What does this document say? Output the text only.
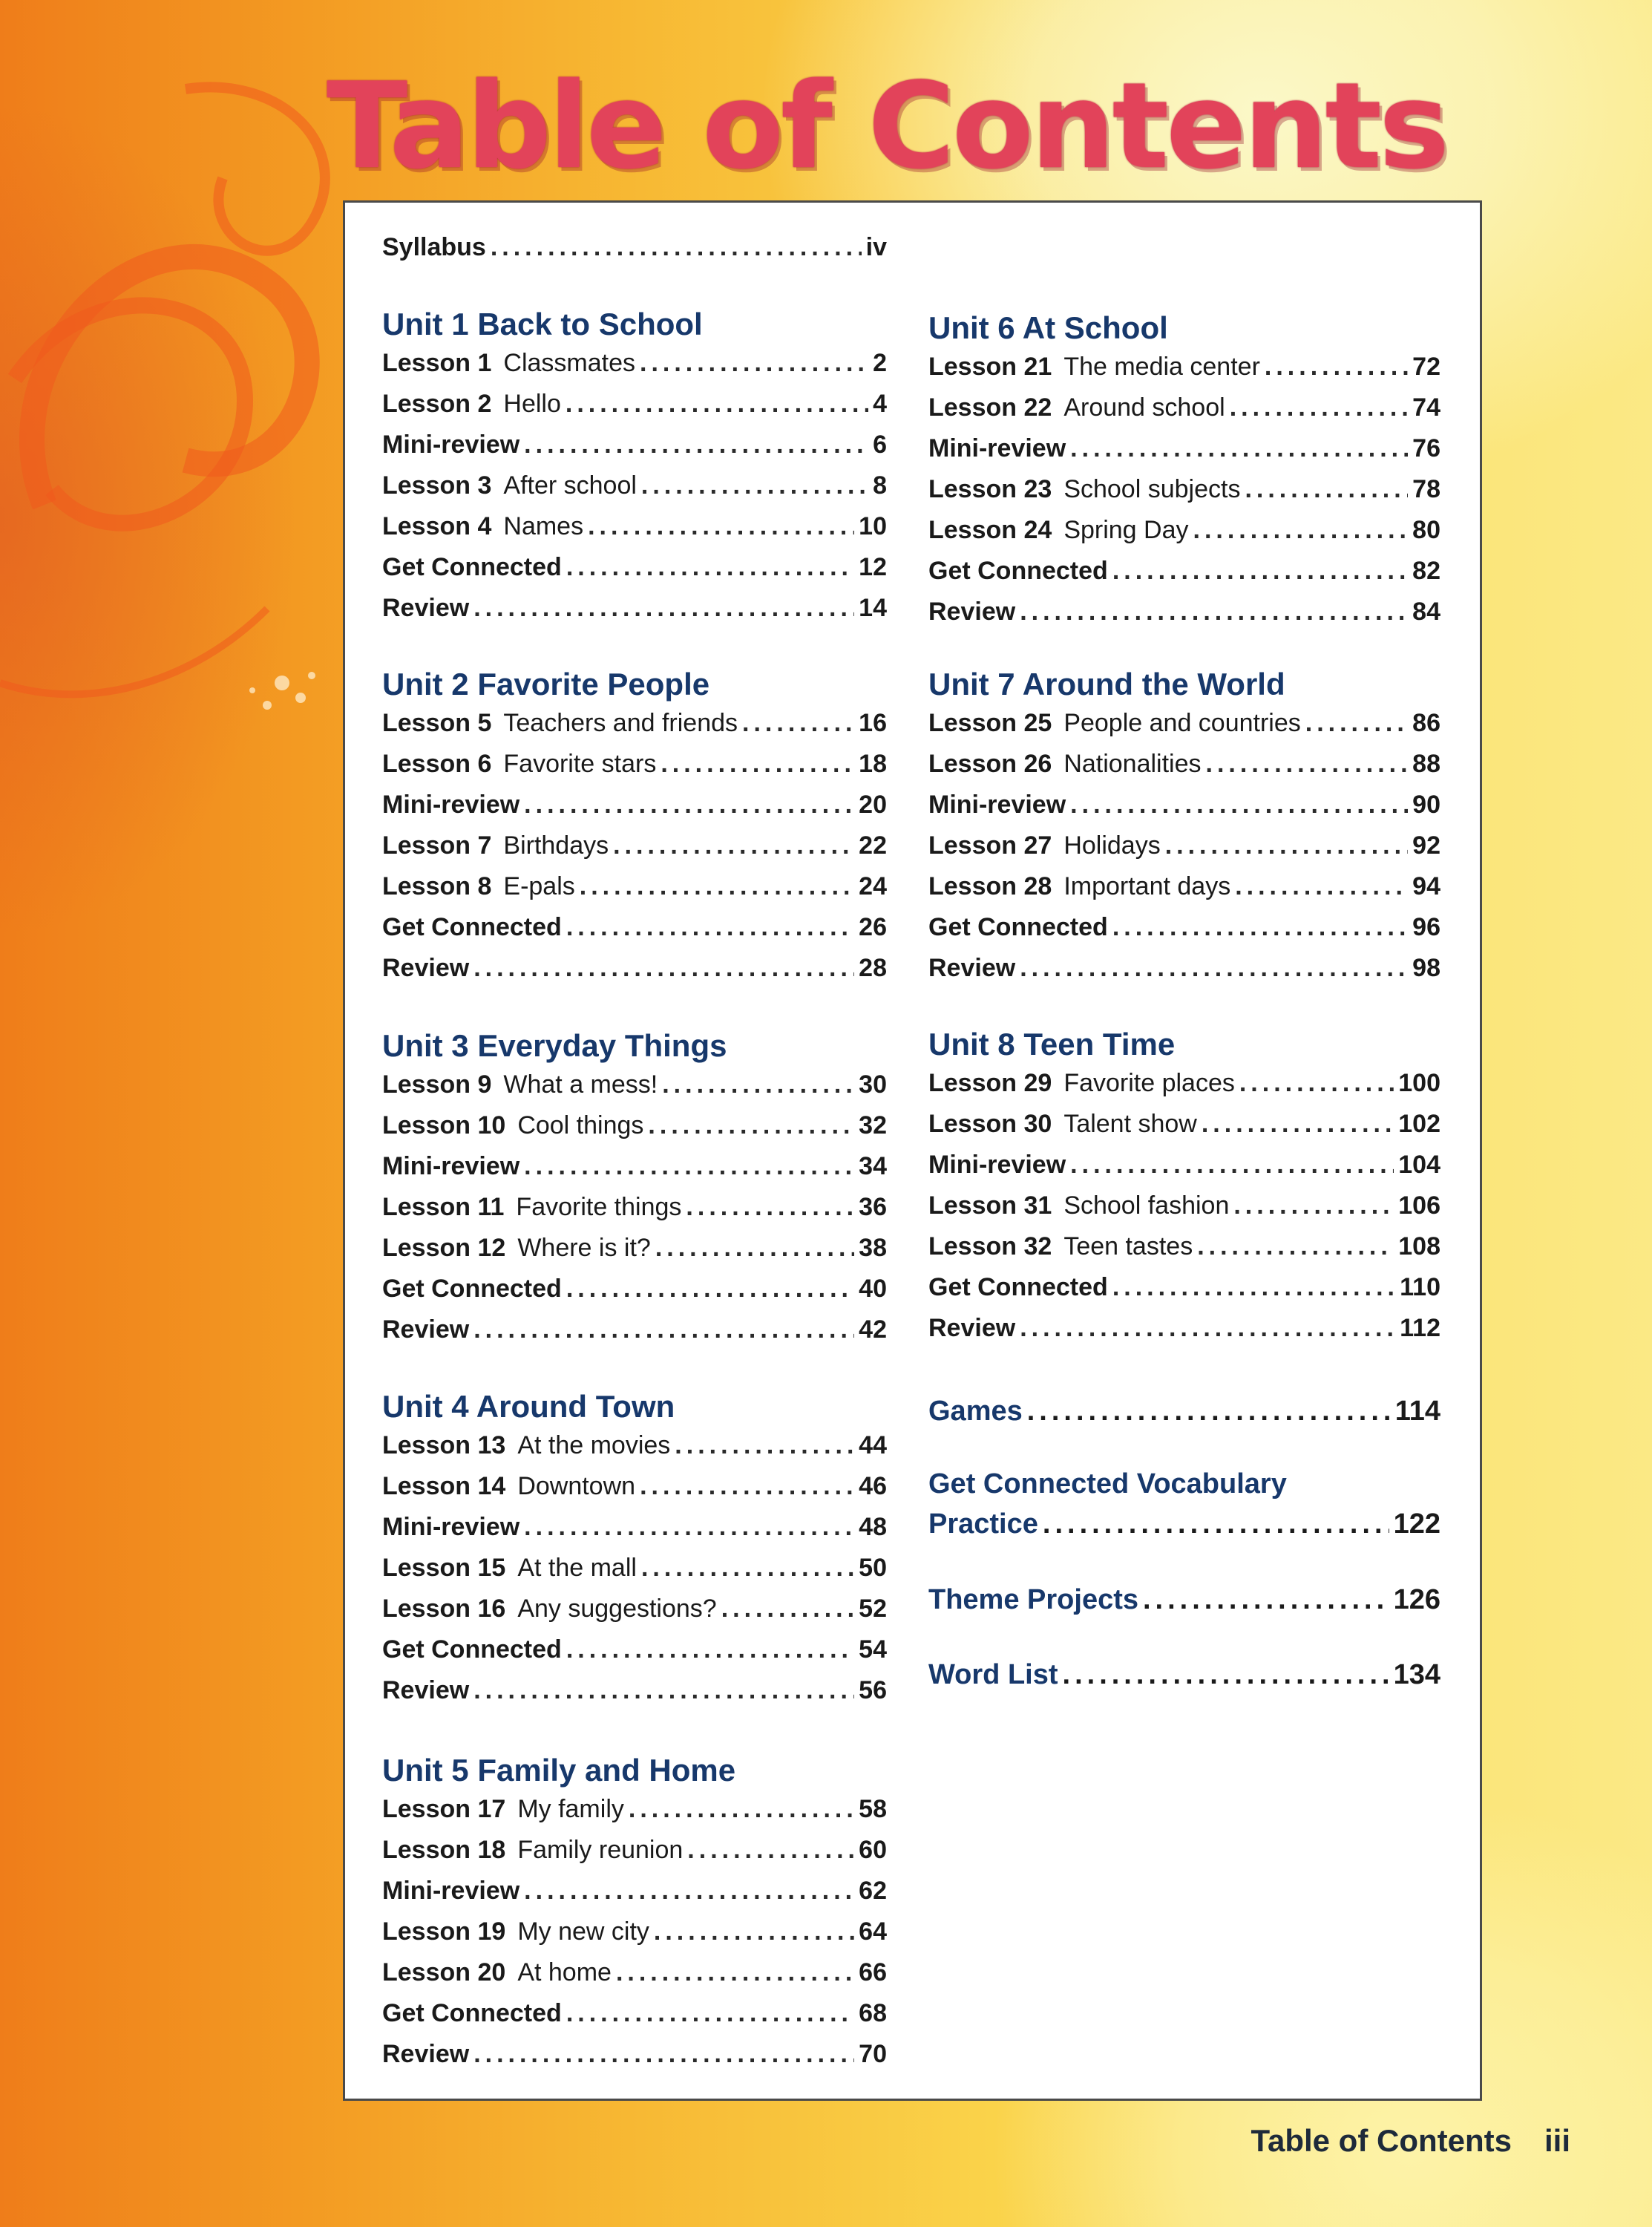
Table of Contents
Syllabus .....	iv
Unit 1 Back to School
Lesson 1 Classmates .....	2
Lesson 2 Hello .....	4
Mini-review .....	6
Lesson 3 After school .....	8
Lesson 4 Names .....	10
Get Connected .....	12
Review .....	14
Unit 2 Favorite People
Lesson 5 Teachers and friends .....	16
Lesson 6 Favorite stars .....	18
Mini-review .....	20
Lesson 7 Birthdays .....	22
Lesson 8 E-pals .....	24
Get Connected .....	26
Review .....	28
Unit 3 Everyday Things
Lesson 9 What a mess! .....	30
Lesson 10 Cool things .....	32
Mini-review .....	34
Lesson 11 Favorite things .....	36
Lesson 12 Where is it? .....	38
Get Connected .....	40
Review .....	42
Unit 4 Around Town
Lesson 13 At the movies .....	44
Lesson 14 Downtown .....	46
Mini-review .....	48
Lesson 15 At the mall .....	50
Lesson 16 Any suggestions? .....	52
Get Connected .....	54
Review .....	56
Unit 5 Family and Home
Lesson 17 My family .....	58
Lesson 18 Family reunion .....	60
Mini-review .....	62
Lesson 19 My new city .....	64
Lesson 20 At home .....	66
Get Connected .....	68
Review .....	70
Unit 6 At School
Lesson 21 The media center .....	72
Lesson 22 Around school .....	74
Mini-review .....	76
Lesson 23 School subjects .....	78
Lesson 24 Spring Day .....	80
Get Connected .....	82
Review .....	84
Unit 7 Around the World
Lesson 25 People and countries .....	86
Lesson 26 Nationalities .....	88
Mini-review .....	90
Lesson 27 Holidays .....	92
Lesson 28 Important days .....	94
Get Connected .....	96
Review .....	98
Unit 8 Teen Time
Lesson 29 Favorite places .....	100
Lesson 30 Talent show .....	102
Mini-review .....	104
Lesson 31 School fashion .....	106
Lesson 32 Teen tastes .....	108
Get Connected .....	110
Review .....	112
Games .....	114
Get Connected Vocabulary
Practice .....	122
Theme Projects .....	126
Word List .....	134
Table of Contents iii
